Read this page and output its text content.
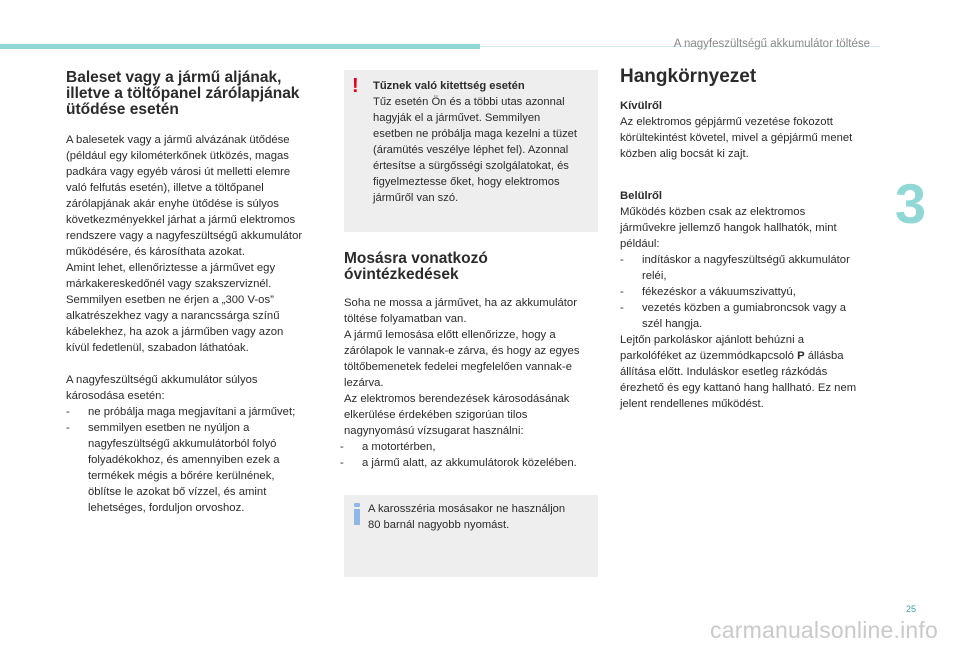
A nagyfeszültségű akkumulátor töltése
3
Baleset vagy a jármű aljának, illetve a töltőpanel zárólapjának ütődése esetén

A balesetek vagy a jármű alvázának ütődése
(például egy kilométerkőnek ütközés, magas
padkára vagy egyéb városi út melletti elemre
való felfutás esetén), illetve a töltőpanel
zárólapjának akár enyhe ütődése is súlyos
következményekkel járhat a jármű elektromos
rendszere vagy a nagyfeszültségű akkumulátor
működésére, és károsíthata azokat.
Amint lehet, ellenőriztesse a járművet egy
márkakereskedőnél vagy szakszerviznél.
Semmilyen esetben ne érjen a „300 V-os”
alkatrészekhez vagy a narancssárga színű
kábelekhez, ha azok a járműben vagy azon
kívül fedetlenül, szabadon láthatóak.

A nagyfeszültségű akkumulátor súlyos
károsodása esetén:

- ne próbálja maga megjavítani a járművet;
- semmilyen esetben ne nyúljon a
nagyfeszültségű akkumulátorból folyó
folyadékokhoz, és amennyiben ezek a
termékek mégis a bőrére kerülnének,
öblítse le azokat bő vízzel, és amint
lehetséges, forduljon orvoshoz.
! Tűznek való kitettség esetén
Tűz esetén Ön és a többi utas azonnal
hagyják el a járművet. Semmilyen
esetben ne próbálja maga kezelni a tüzet
(áramütés veszélye léphet fel). Azonnal
értesítse a sürgősségi szolgálatokat, és
figyelmeztesse őket, hogy elektromos
járműről van szó.
Mosásra vonatkozó óvintézkedések

Soha ne mossa a járművet, ha az akkumulátor
töltése folyamatban van.
A jármű lemosása előtt ellenőrizze, hogy a
zárólapok le vannak-e zárva, és hogy az egyes
töltőbemenetek fedelei megfelelően vannak-e
lezárva.
Az elektromos berendezések károsodásának
elkerülése érdekében szigorúan tilos
nagynyomású vízsugarat használni:

- a motortérben,
- a jármű alatt, az akkumulátorok közelében.
A karosszéria mosásakor ne használjon
80 barnál nagyobb nyomást.
Hangkörnyezet

Kívülről

Az elektromos gépjármű vezetése fokozott
körültekintést követel, mivel a gépjármű menet
közben alig bocsát ki zajt.

Belülről

Működés közben csak az elektromos
járművekre jellemző hangok hallhatók, mint
például:

- indításkor a nagyfeszültségű akkumulátor
reléi,
- fékezéskor a vákuumszivattyú,
- vezetés közben a gumiabroncsok vagy a
szél hangja.

Lejtőn parkoláskor ajánlott behúzni a
parkolóféket az üzemmódkapcsoló P állásba
állítása előtt. Induláskor esetleg rázkódás
érezhető és egy kattanó hang hallható. Ez nem
jelent rendellenes működést.

25
carmanualsonline.info
